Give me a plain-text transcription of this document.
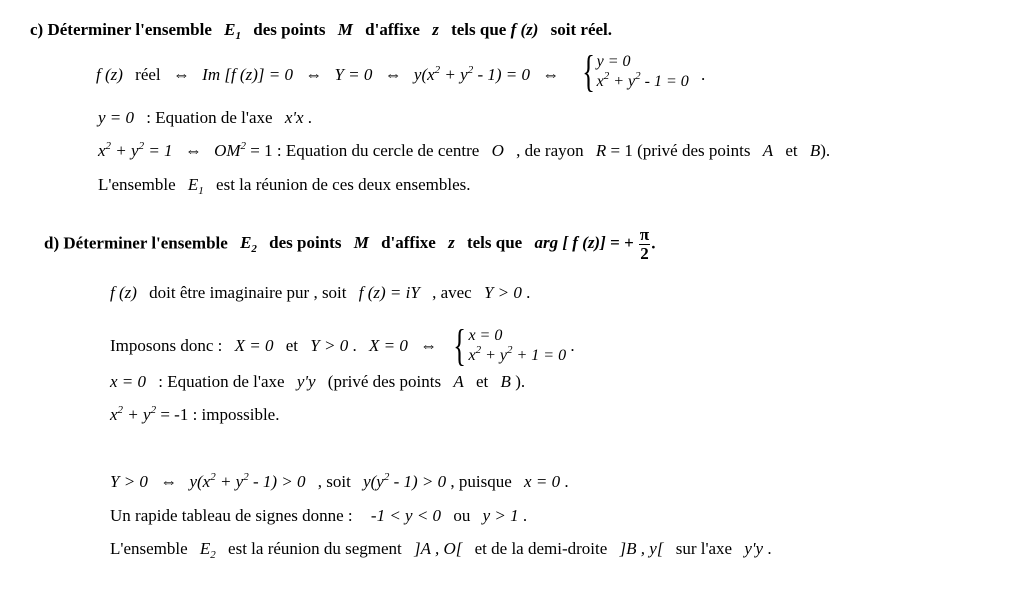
c) Déterminer l'ensemble $E_1$ des points M d'affixe z tels que f (z) soit réel.
f (z) réel ⇔ Im [f (z)] = 0 ⇔ Y = 0 ⇔ $y(x^2 + y^2 - 1) = 0$ ⇔ { y = 0
$x^2 + y^2 - 1 = 0$ .
y = 0 : Equation de l'axe x'x .
$x^2 + y^2 = 1$ ⇔ $OM^2 = 1$ : Equation du cercle de centre O , de rayon R = 1 (privé des points A et B).
L'ensemble $E_1$ est la réunion de ces deux ensembles.
d) Déterminer l'ensemble $E_2$ des points M d'affixe z tels que arg [ f (z)] = + $\frac{\pi}{2}$ .
f (z) doit être imaginaire pur , soit f (z) = iY , avec Y > 0 .
Imposons donc : X = 0 et Y > 0 . X = 0 ⇔ { x = 0
$x^2 + y^2 + 1 = 0$
.
x = 0 : Equation de l'axe y'y (privé des points A et B ).
$x^2 + y^2 = -1$ : impossible.
Y > 0 ⇔ $y(x^2 + y^2 - 1) > 0$ , soit $y(y^2 - 1) > 0$ , puisque x = 0 .
Un rapide tableau de signes donne : -1 < y < 0 ou y > 1 .
L'ensemble $E_2$ est la réunion du segment ]A , O[ et de la demi-droite ]B , y[ sur l'axe y'y .
